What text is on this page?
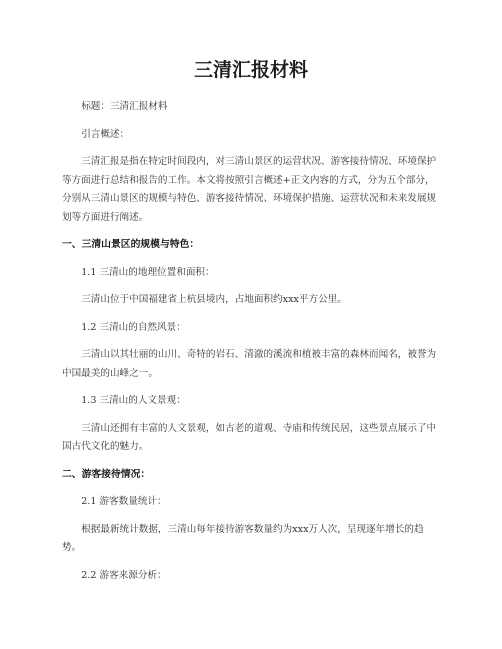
三清汇报材料
标题：三清汇报材料
引言概述：
三清汇报是指在特定时间段内，对三清山景区的运营状况、游客接待情况、环境保护等方面进行总结和报告的工作。本文将按照引言概述+正文内容的方式，分为五个部分，分别从三清山景区的规模与特色、游客接待情况、环境保护措施、运营状况和未来发展规划等方面进行阐述。
一、三清山景区的规模与特色：
1.1 三清山的地理位置和面积：
三清山位于中国福建省上杭县境内，占地面积约xxx平方公里。
1.2 三清山的自然风景：
三清山以其壮丽的山川、奇特的岩石、清澈的溪流和植被丰富的森林而闻名，被誉为中国最美的山峰之一。
1.3 三清山的人文景观：
三清山还拥有丰富的人文景观，如古老的道观、寺庙和传统民居，这些景点展示了中国古代文化的魅力。
二、游客接待情况：
2.1 游客数量统计：
根据最新统计数据，三清山每年接待游客数量约为xxx万人次，呈现逐年增长的趋势。
2.2 游客来源分析：
